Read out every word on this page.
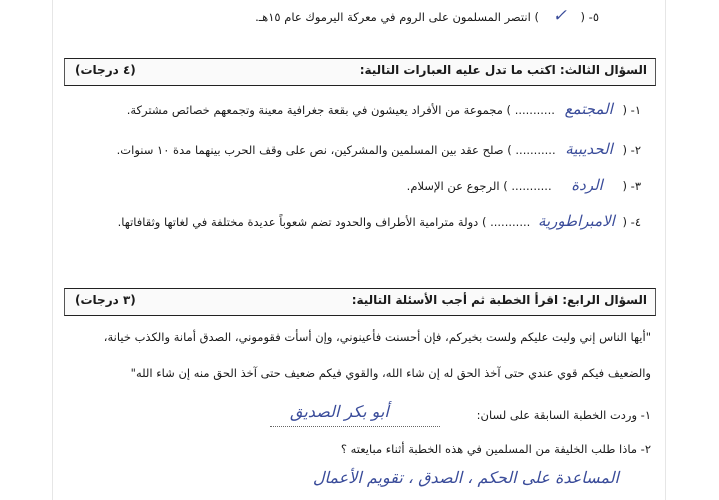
٥- ( ✓ ) انتصر المسلمون على الروم في معركة اليرموك عام ١٥هـ.
السؤال الثالث: اكتب ما تدل عليه العبارات التالية:
(٤ درجات)
١- ( المجتمع ........... ) مجموعة من الأفراد يعيشون في بقعة جغرافية معينة وتجمعهم خصائص مشتركة.
٢- ( الحديبية ........... ) صلح عقد بين المسلمين والمشركين، نص على وقف الحرب بينهما مدة ١٠ سنوات.
٣- ( الردة ........... ) الرجوع عن الإسلام.
٤- ( الامبراطورية ........... ) دولة مترامية الأطراف والحدود تضم شعوباً عديدة مختلفة في لغاتها وثقافاتها.
السؤال الرابع: اقرأ الخطبة ثم أجب الأسئلة التالية:
(٣ درجات)
"أيها الناس إني وليت عليكم ولست بخيركم، فإن أحسنت فأعينوني، وإن أسأت فقوموني، الصدق أمانة والكذب خيانة،
والضعيف فيكم قوي عندي حتى آخذ الحق له إن شاء الله، والقوي فيكم ضعيف حتى آخذ الحق منه إن شاء الله"
١- وردت الخطبة السابقة على لسان:
أبو بكر الصديق
٢- ماذا طلب الخليفة من المسلمين في هذه الخطبة أثناء مبايعته ؟
المساعدة على الحكم ، الصدق ، تقويم الأعمال
